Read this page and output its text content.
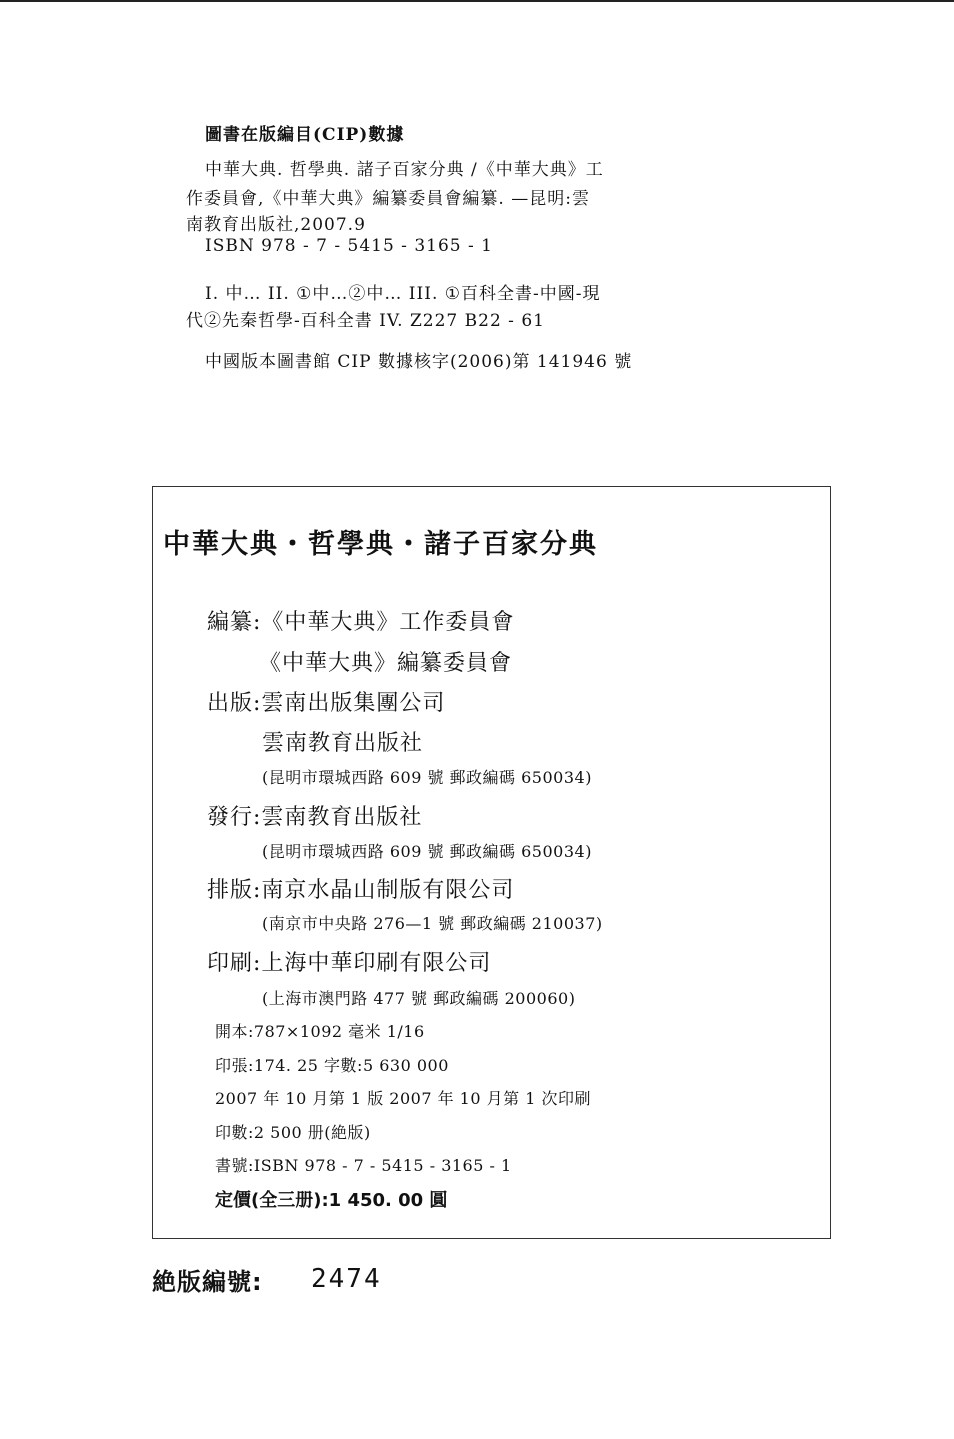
圖書在版編目(CIP)數據
中華大典. 哲學典. 諸子百家分典 /《中華大典》工
作委員會,《中華大典》編纂委員會編纂. —昆明:雲
南教育出版社,2007.9
ISBN 978 - 7 - 5415 - 3165 - 1
I. 中… II. ①中…②中… III. ①百科全書-中國-現
代②先秦哲學-百科全書 IV. Z227 B22 - 61
中國版本圖書館 CIP 數據核字(2006)第 141946 號
中華大典・哲學典・諸子百家分典
編纂:《中華大典》工作委員會
《中華大典》編纂委員會
出版:雲南出版集團公司
雲南教育出版社
(昆明市環城西路 609 號 郵政編碼 650034)
發行:雲南教育出版社
(昆明市環城西路 609 號 郵政編碼 650034)
排版:南京水晶山制版有限公司
(南京市中央路 276—1 號 郵政編碼 210037)
印刷:上海中華印刷有限公司
(上海市澳門路 477 號 郵政編碼 200060)
開本:787×1092 毫米 1/16
印張:174. 25 字數:5 630 000
2007 年 10 月第 1 版 2007 年 10 月第 1 次印刷
印數:2 500 册(絶版)
書號:ISBN 978 - 7 - 5415 - 3165 - 1
定價(全三册):1 450. 00 圓
絶版編號: 2474
